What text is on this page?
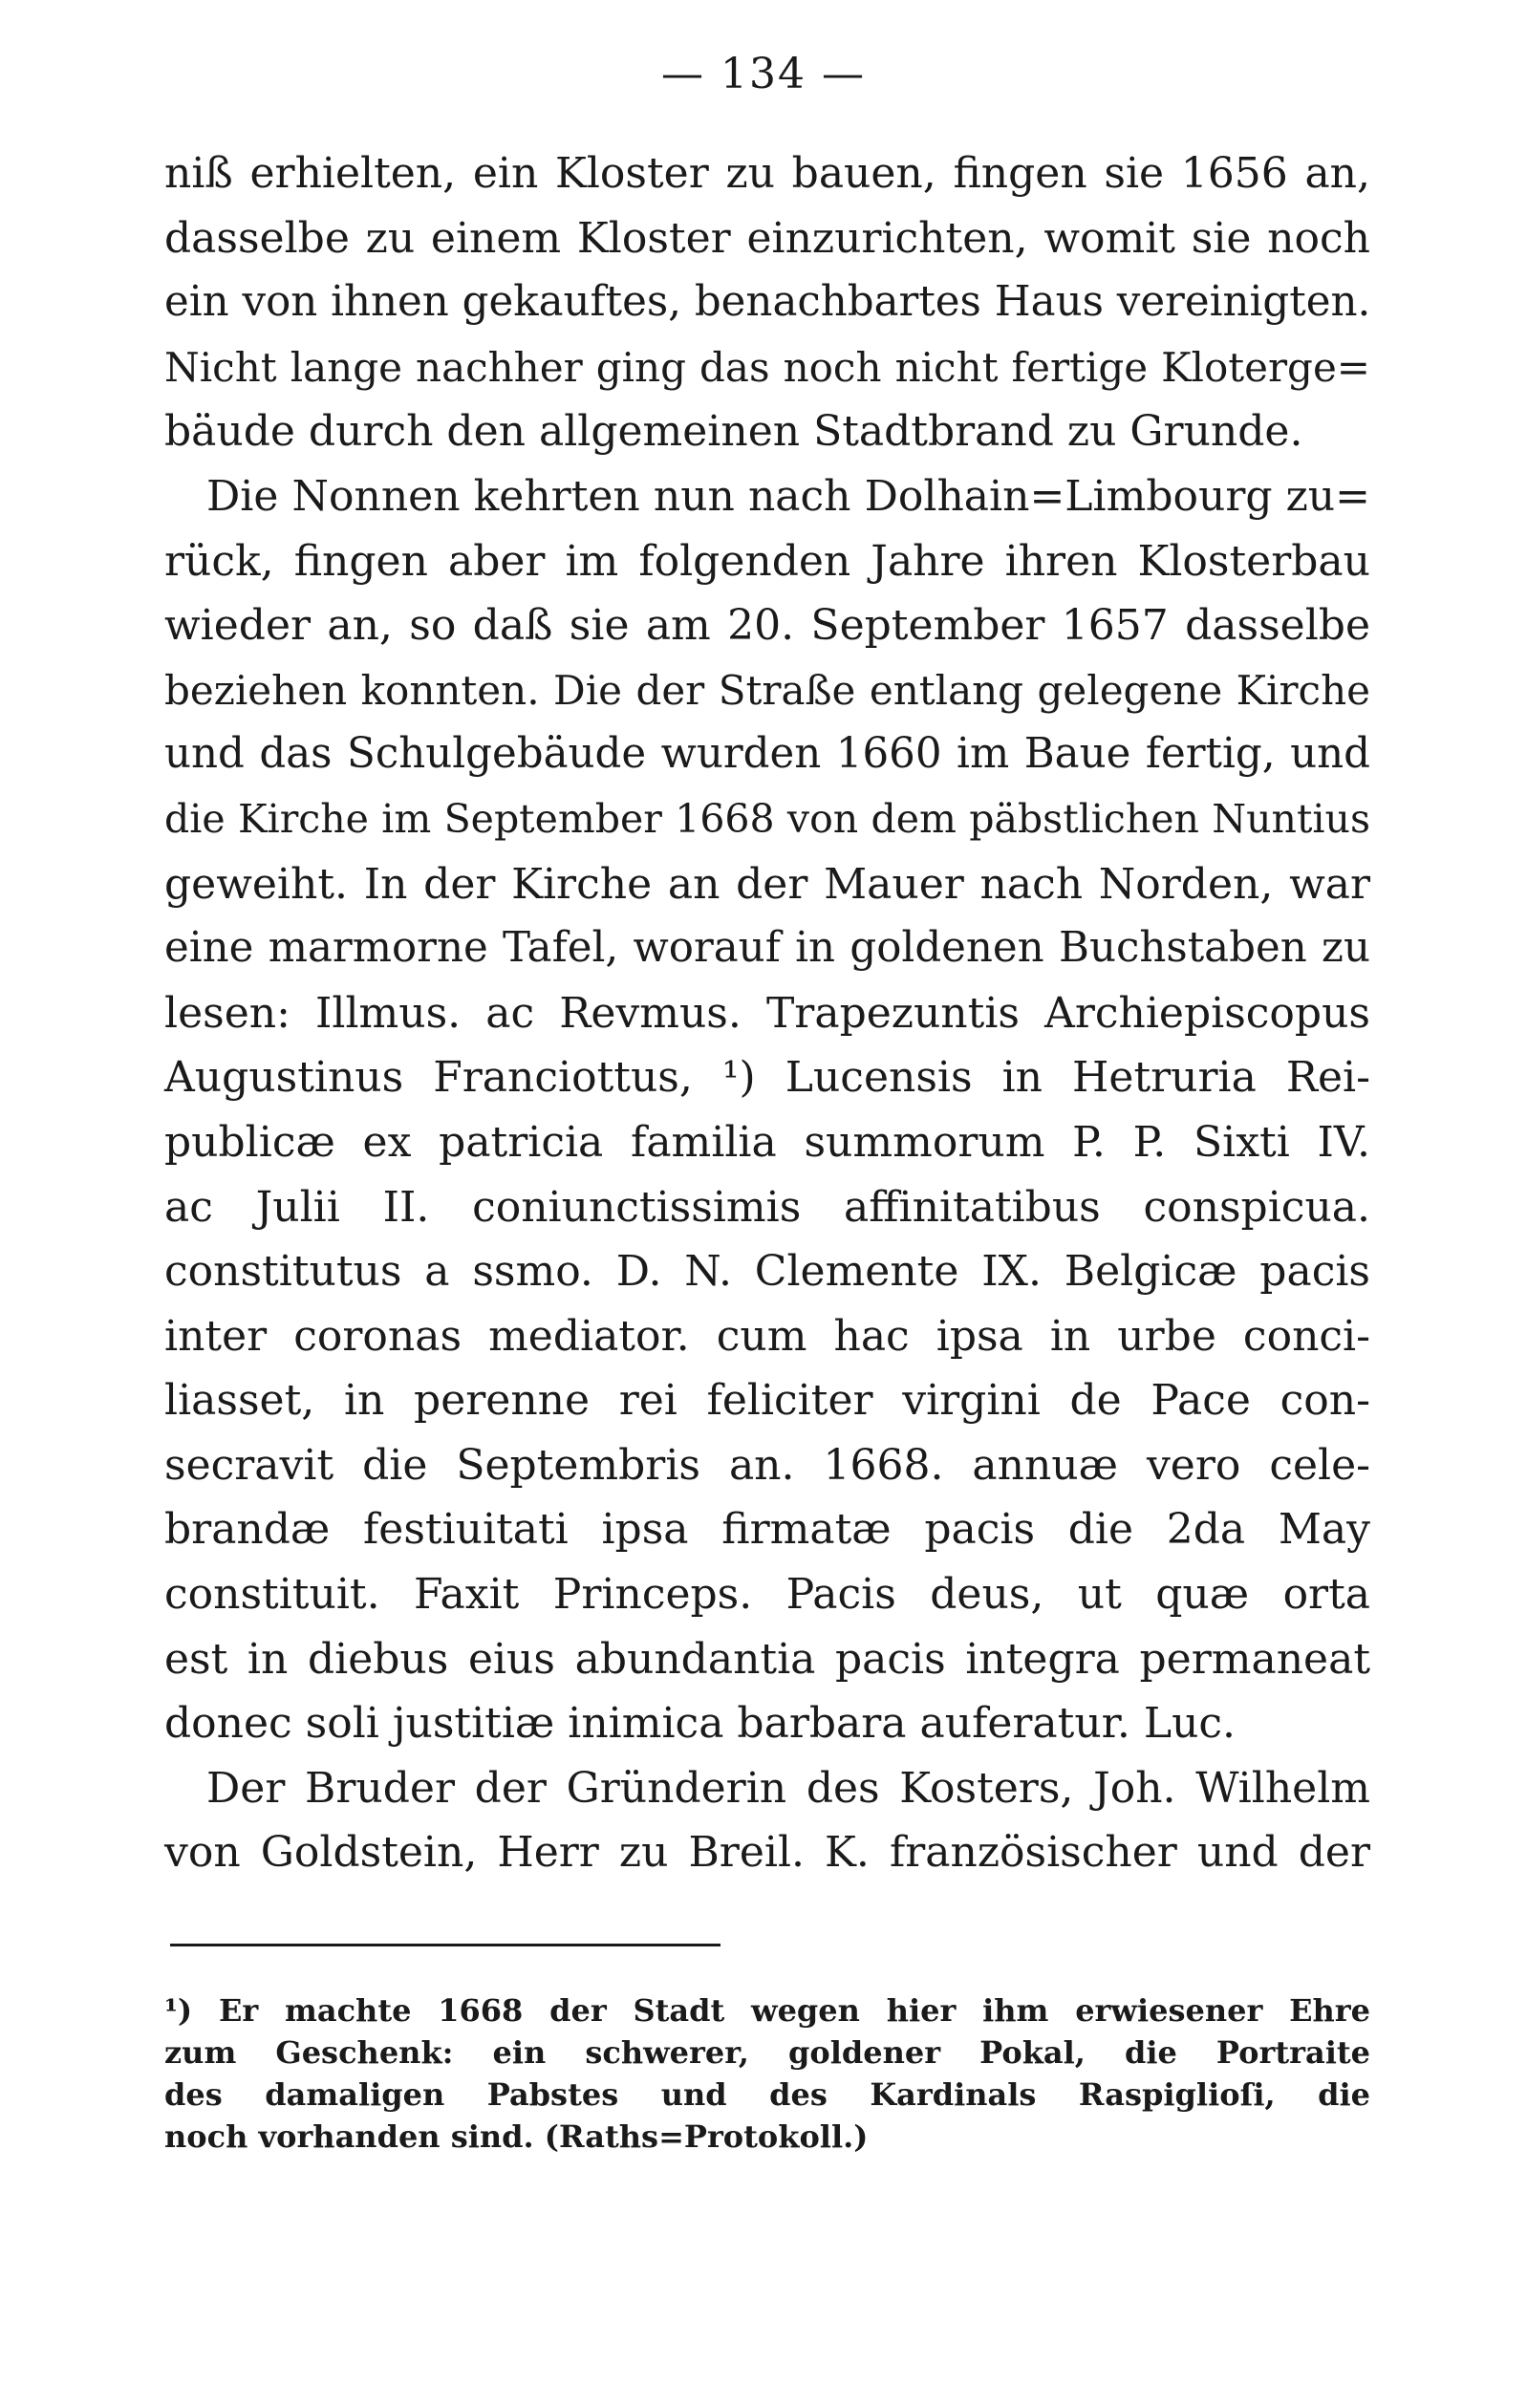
— 134 —
niß erhielten, ein Kloster zu bauen, fingen sie 1656 an,
dasselbe zu einem Kloster einzurichten, womit sie noch
ein von ihnen gekauftes, benachbartes Haus vereinigten.
Nicht lange nachher ging das noch nicht fertige Kloterge=
bäude durch den allgemeinen Stadtbrand zu Grunde.
Die Nonnen kehrten nun nach Dolhain=Limbourg zu=
rück, fingen aber im folgenden Jahre ihren Klosterbau
wieder an, so daß sie am 20. September 1657 dasselbe
beziehen konnten. Die der Straße entlang gelegene Kirche
und das Schulgebäude wurden 1660 im Baue fertig, und
die Kirche im September 1668 von dem päbstlichen Nuntius
geweiht. In der Kirche an der Mauer nach Norden, war
eine marmorne Tafel, worauf in goldenen Buchstaben zu
lesen: Illmus. ac Revmus. Trapezuntis Archiepiscopus
Augustinus Franciottus, ¹) Lucensis in Hetruria Rei-
publicæ ex patricia familia summorum P. P. Sixti IV.
ac Julii II. coniunctissimis affinitatibus conspicua.
constitutus a ssmo. D. N. Clemente IX. Belgicæ pacis
inter coronas mediator. cum hac ipsa in urbe conci-
liasset, in perenne rei feliciter virgini de Pace con-
secravit die Septembris an. 1668. annuæ vero cele-
brandæ festiuitati ipsa firmatæ pacis die 2da May
constituit. Faxit Princeps. Pacis deus, ut quæ orta
est in diebus eius abundantia pacis integra permaneat
donec soli justitiæ inimica barbara auferatur. Luc.
Der Bruder der Gründerin des Kosters, Joh. Wilhelm
von Goldstein, Herr zu Breil. K. französischer und der
¹) Er machte 1668 der Stadt wegen hier ihm erwiesener Ehre
zum Geschenk: ein schwerer, goldener Pokal, die Portraite
des damaligen Pabstes und des Kardinals Raspiglioſi, die
noch vorhanden sind. (Raths=Protokoll.)
